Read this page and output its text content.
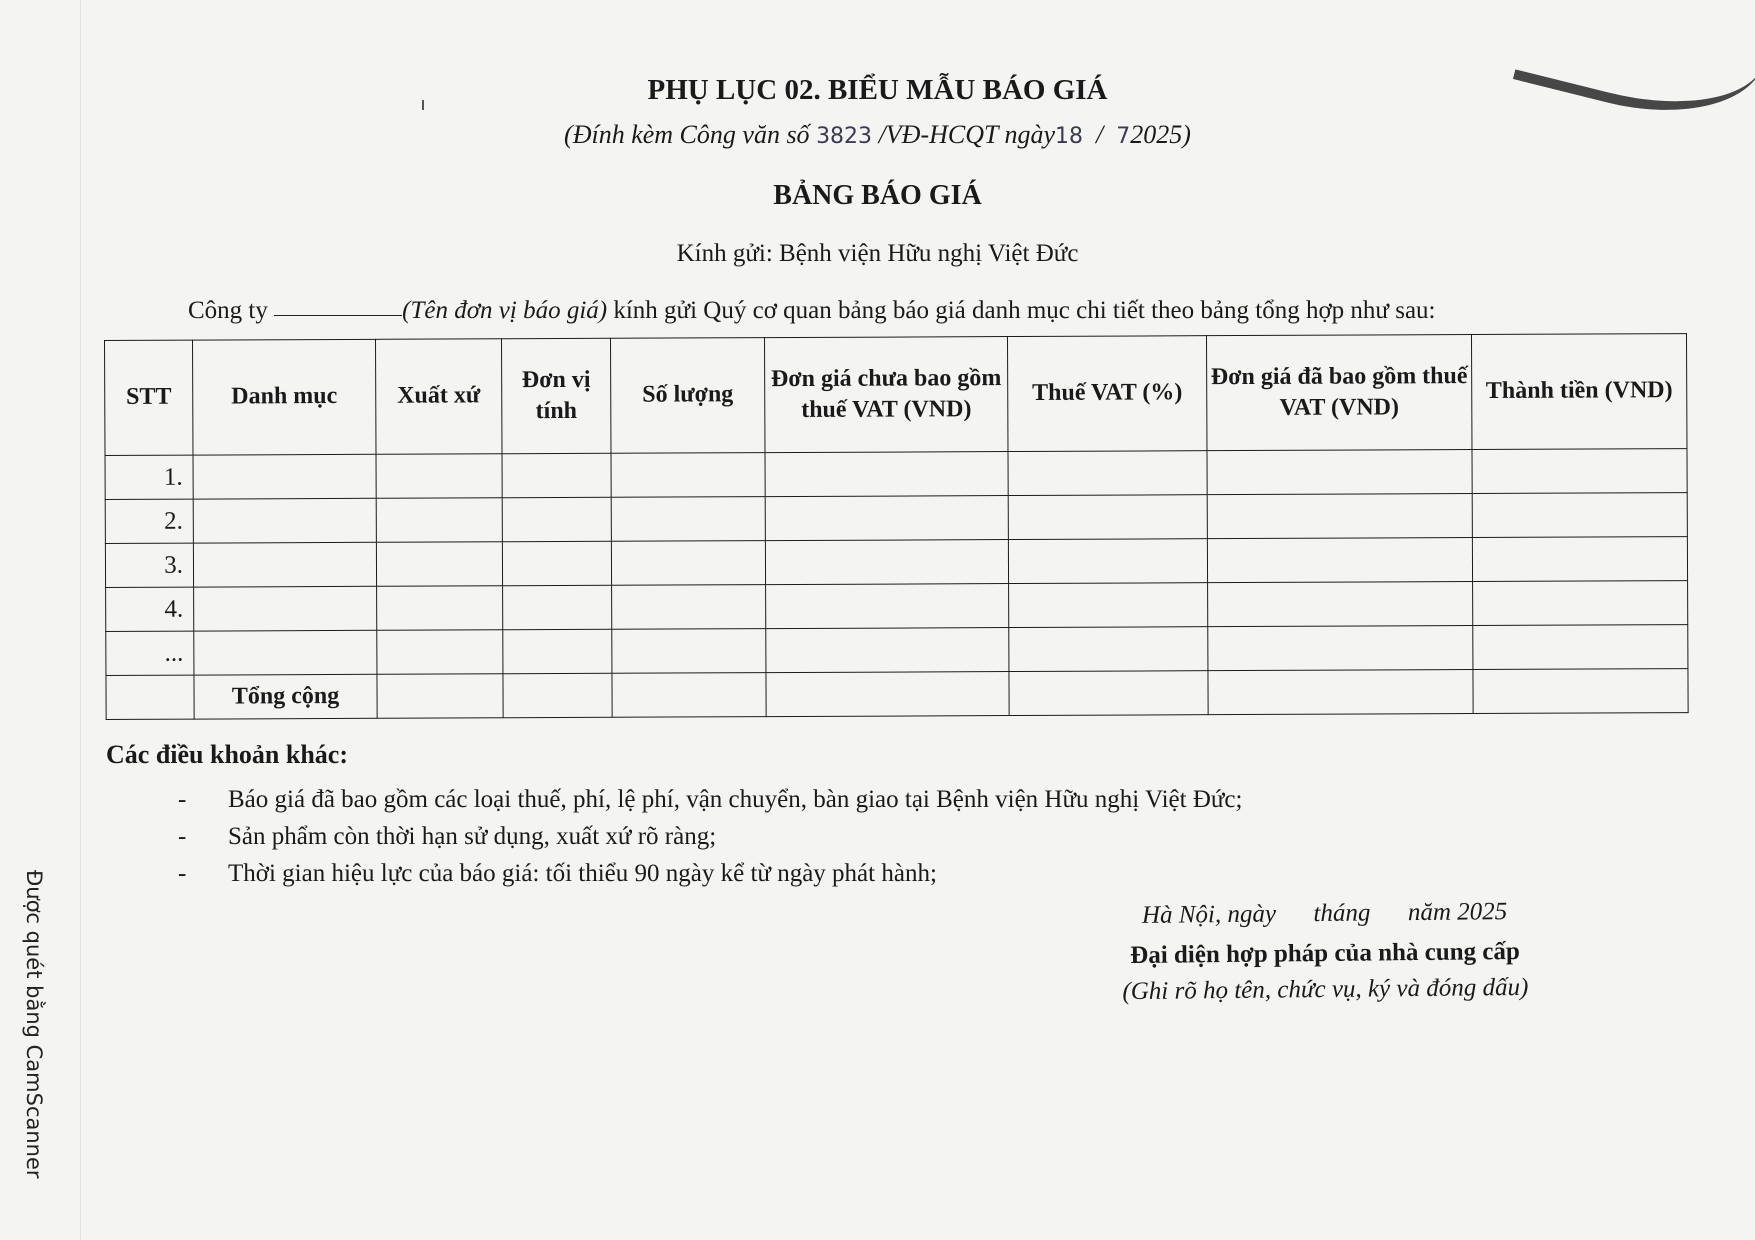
PHỤ LỤC 02. BIỂU MẪU BÁO GIÁ
(Đính kèm Công văn số 3823 /VĐ-HCQT ngày18  /  72025)
BẢNG BÁO GIÁ
Kính gửi: Bệnh viện Hữu nghị Việt Đức
Công ty	(Tên đơn vị báo giá) kính gửi Quý cơ quan bảng báo giá danh mục chi tiết theo bảng tổng hợp như sau:
STT	Danh mục	Xuất xứ	Đơn vị tính	Số lượng	Đơn giá chưa bao gồm thuế VAT (VND)	Thuế VAT (%)	Đơn giá đã bao gồm thuế VAT (VND)	Thành tiền (VND)
1.								
2.								
3.								
4.								
...								
	Tổng cộng							
Các điều khoản khác:
- Báo giá đã bao gồm các loại thuế, phí, lệ phí, vận chuyển, bàn giao tại Bệnh viện Hữu nghị Việt Đức;
- Sản phẩm còn thời hạn sử dụng, xuất xứ rõ ràng;
- Thời gian hiệu lực của báo giá: tối thiểu 90 ngày kể từ ngày phát hành;
Hà Nội, ngày      tháng      năm 2025
Đại diện hợp pháp của nhà cung cấp
(Ghi rõ họ tên, chức vụ, ký và đóng dấu)
Được quét bằng CamScanner
